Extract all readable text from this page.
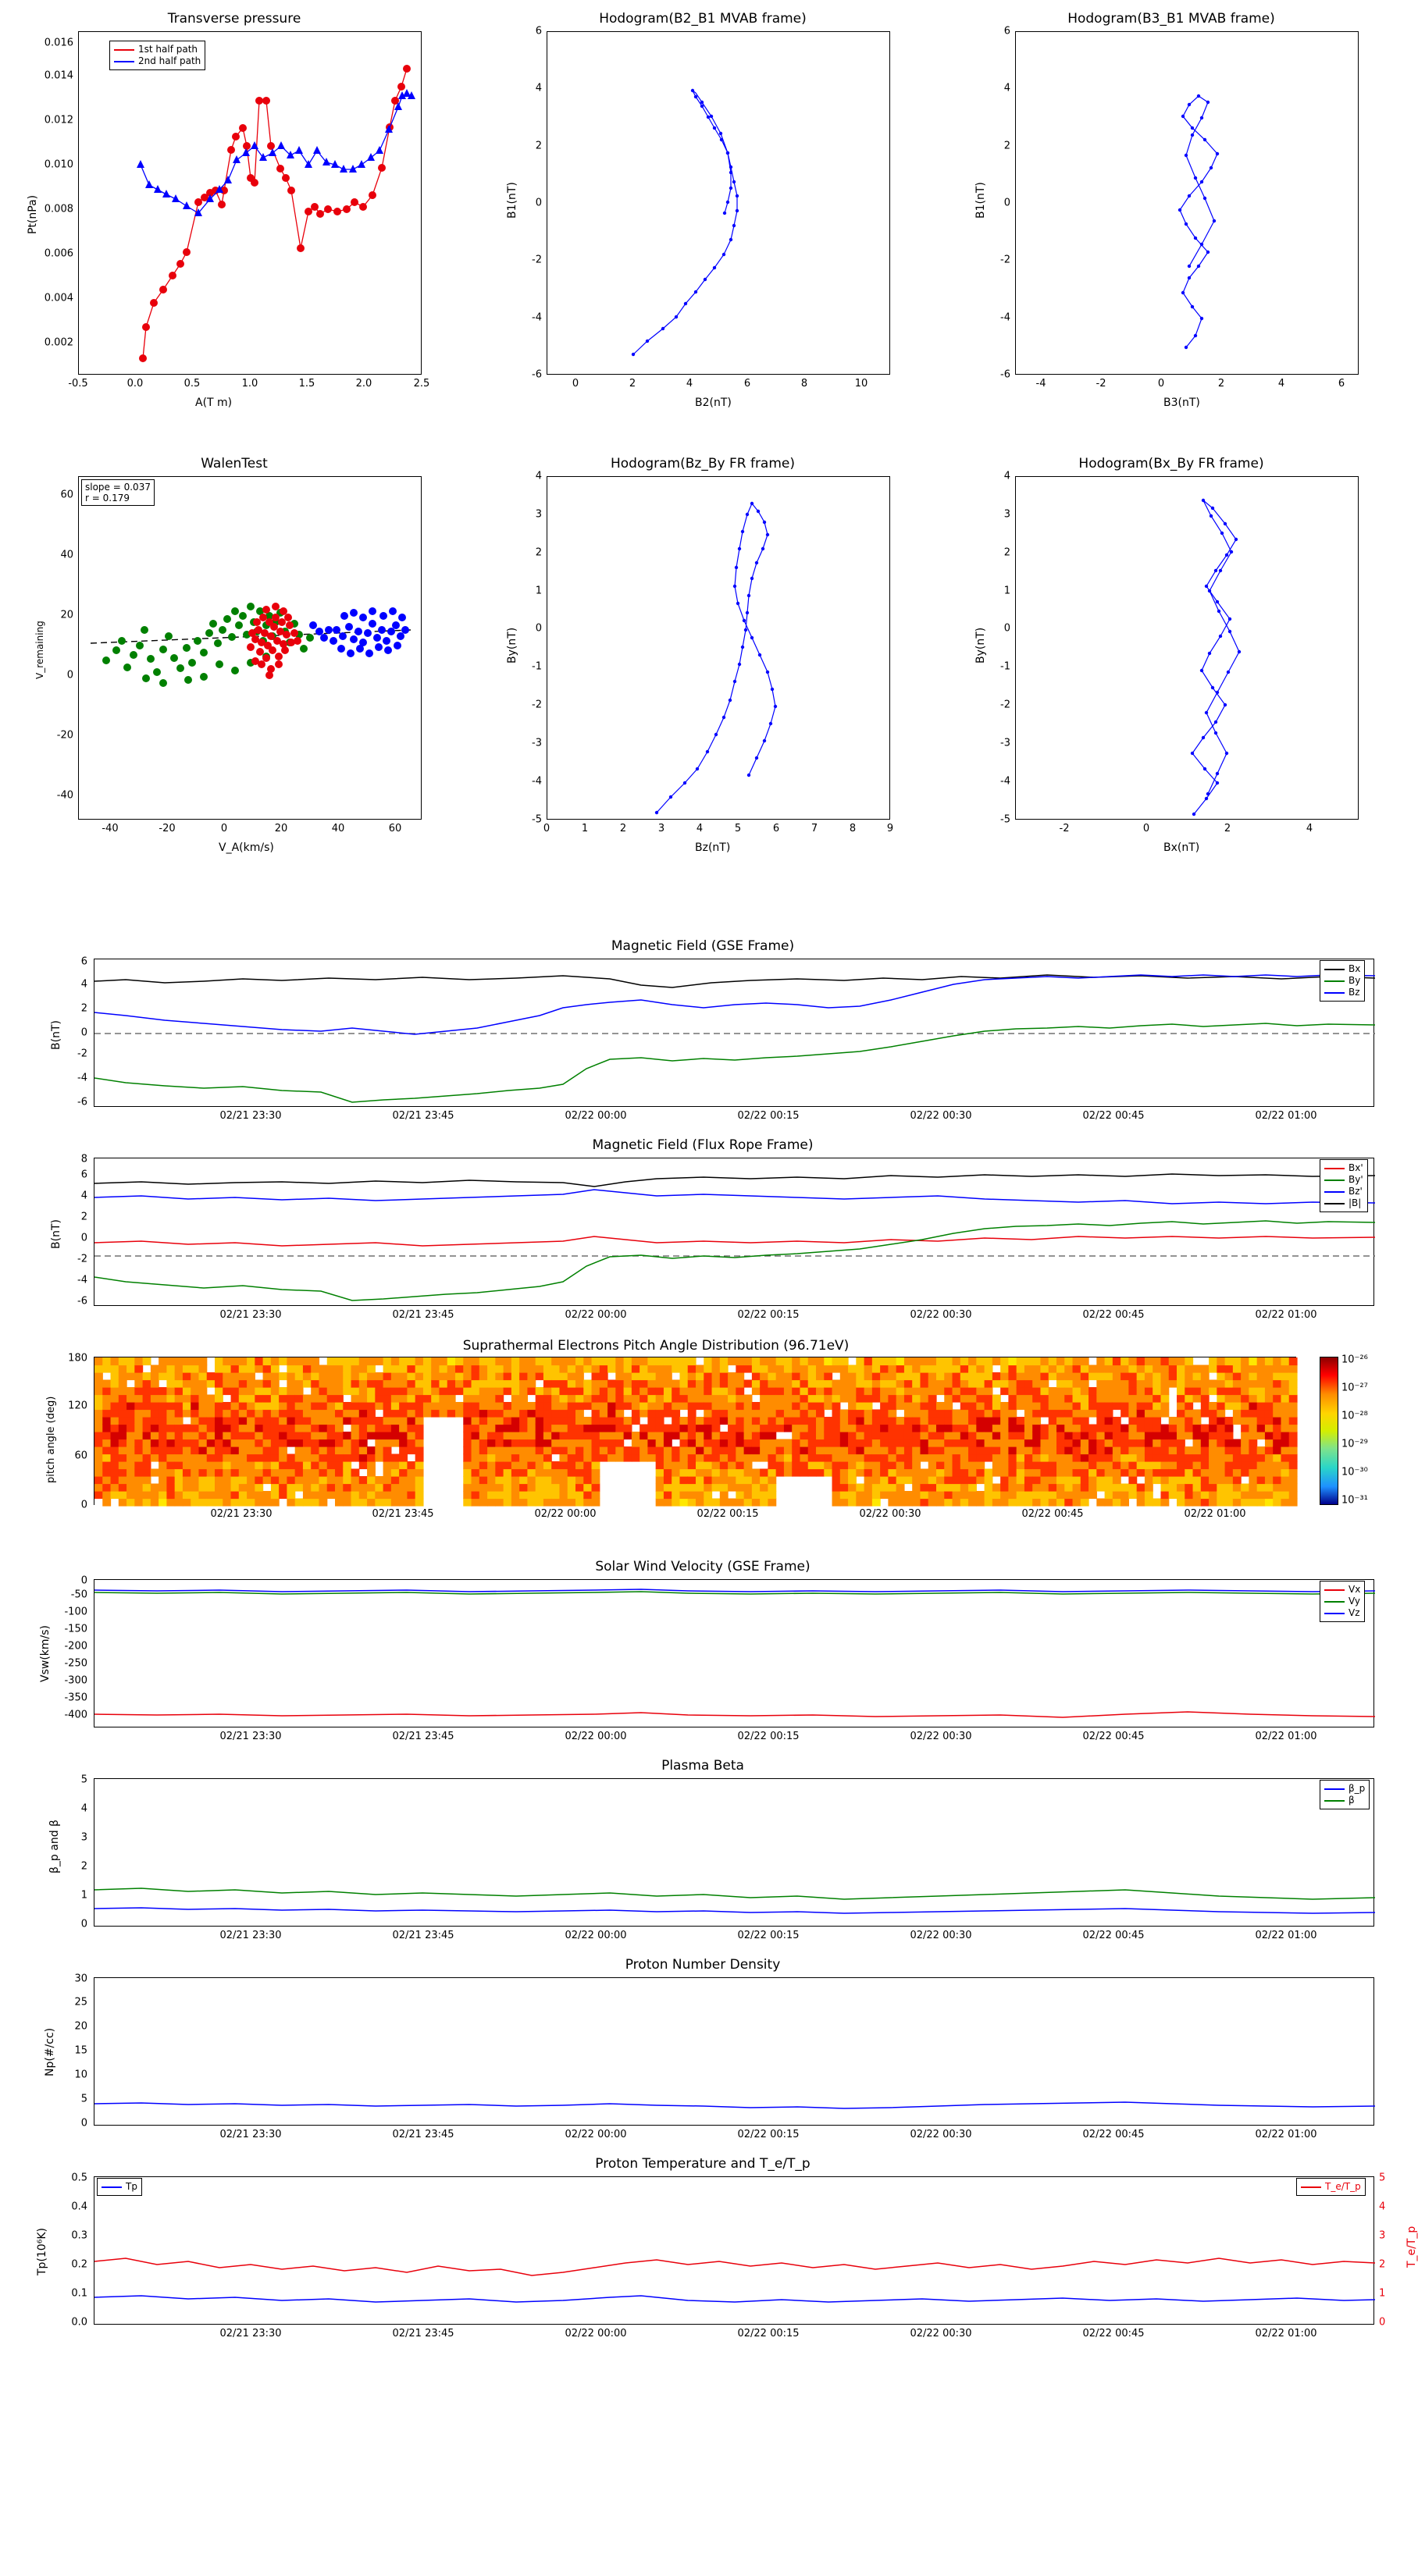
Transverse pressure
1st half path
2nd half path
Pt(nPa)
A(T m)
-0.5	0.0	0.5	1.0	1.5	2.0	2.5
0.002
0.004
0.006
0.008
0.010
0.012
0.014
0.016
Hodogram(B2_B1 MVAB frame)
B1(nT)
B2(nT)
0	2	4	6	8	10
-6
-4
-2
0
2
4
6
Hodogram(B3_B1 MVAB frame)
B1(nT)
B3(nT)
-4	-2	0	2	4	6
-6
-4
-2
0
2
4
6
WalenTest
slope = 0.037
r = 0.179
V_remaining
V_A(km/s)
-40	-20	0	20	40	60
-40
-20
0
20
40
60
Hodogram(Bz_By FR frame)
By(nT)
Bz(nT)
0	1	2	3	4	5	6	7	8	9
-5
-4
-3
-2
-1
0
1
2
3
4
Hodogram(Bx_By FR frame)
By(nT)
Bx(nT)
-2	0	2	4
-5
-4
-3
-2
-1
0
1
2
3
4
Magnetic Field (GSE Frame)
Bx
By
Bz
B(nT)
-6
-4
-2
0
2
4
6
02/21 23:30	02/21 23:45	02/22 00:00	02/22 00:15	02/22 00:30	02/22 00:45	02/22 01:00
Magnetic Field (Flux Rope Frame)
Bx'
By'
Bz'
|B|
B(nT)
-6
-4
-2
0
2
4
6
8
02/21 23:30	02/21 23:45	02/22 00:00	02/22 00:15	02/22 00:30	02/22 00:45	02/22 01:00
Suprathermal Electrons Pitch Angle Distribution (96.71eV)
10⁻²⁶
10⁻²⁷
10⁻²⁸
10⁻²⁹
10⁻³⁰
10⁻³¹
pitch angle (deg)
0
60
120
180
02/21 23:30	02/21 23:45	02/22 00:00	02/22 00:15	02/22 00:30	02/22 00:45	02/22 01:00
Solar Wind Velocity (GSE Frame)
Vx
Vy
Vz
Vsw(km/s)
-400
-350
-300
-250
-200
-150
-100
-50
0
02/21 23:30	02/21 23:45	02/22 00:00	02/22 00:15	02/22 00:30	02/22 00:45	02/22 01:00
Plasma Beta
β_p
β
β_p and β
0
1
2
3
4
5
02/21 23:30	02/21 23:45	02/22 00:00	02/22 00:15	02/22 00:30	02/22 00:45	02/22 01:00
Proton Number Density
Np(#/cc)
0
5
10
15
20
25
30
02/21 23:30	02/21 23:45	02/22 00:00	02/22 00:15	02/22 00:30	02/22 00:45	02/22 01:00
Proton Temperature and T_e/T_p
Tp	T_e/T_p
Tp(10⁶K)	T_e/T_p
0.0
0.1
0.2
0.3
0.4
0.5
0
1
2
3
4
5
02/21 23:30	02/21 23:45	02/22 00:00	02/22 00:15	02/22 00:30	02/22 00:45	02/22 01:00
